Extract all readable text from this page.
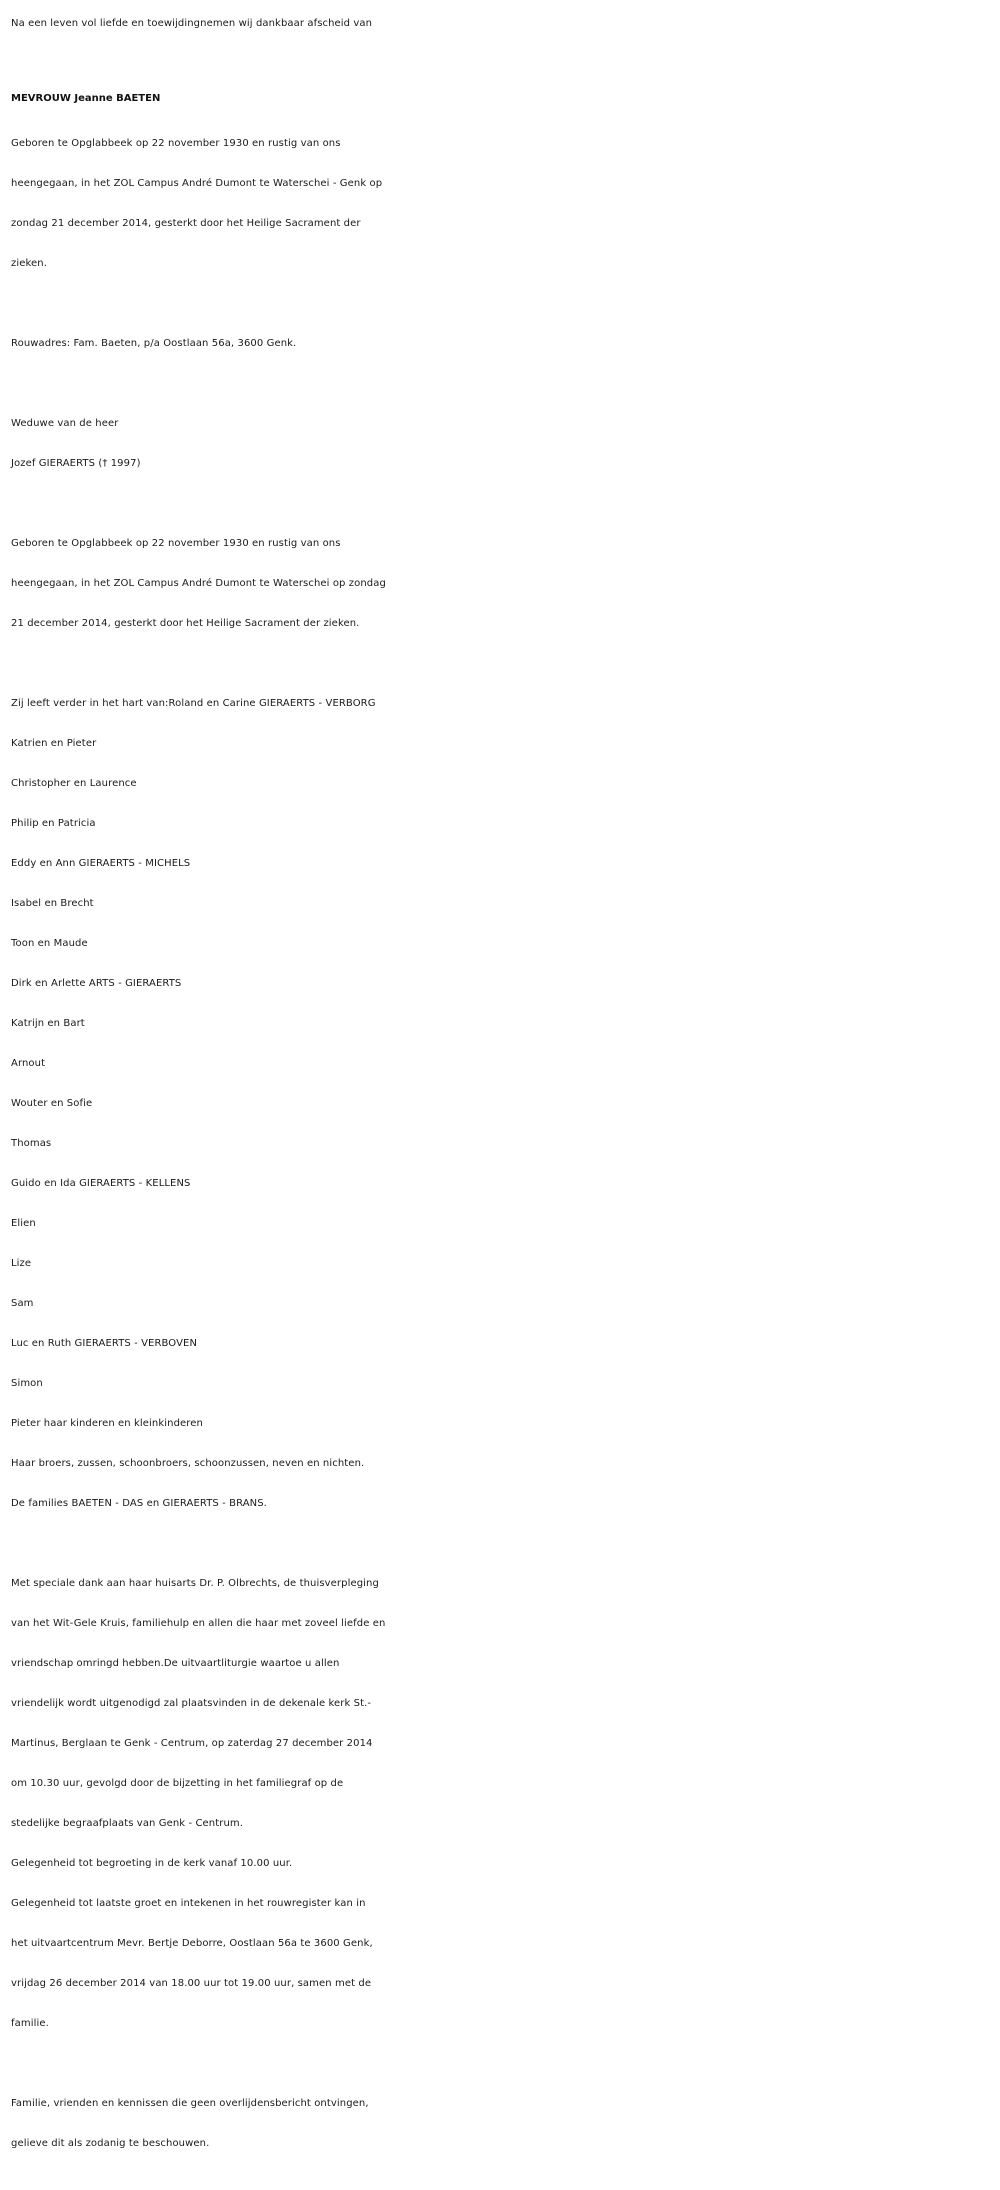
Na een leven vol liefde en toewijdingnemen wij dankbaar afscheid van
MEVROUW Jeanne BAETEN
Geboren te Opglabbeek op 22 november 1930 en rustig van ons
heengegaan, in het ZOL Campus André Dumont te Waterschei - Genk op
zondag 21 december 2014, gesterkt door het Heilige Sacrament der
zieken.
Rouwadres: Fam. Baeten, p/a Oostlaan 56a, 3600 Genk.
Weduwe van de heer
Jozef GIERAERTS († 1997)
Geboren te Opglabbeek op 22 november 1930 en rustig van ons
heengegaan, in het ZOL Campus André Dumont te Waterschei op zondag
21 december 2014, gesterkt door het Heilige Sacrament der zieken.
Zij leeft verder in het hart van:Roland en Carine GIERAERTS - VERBORG
Katrien en Pieter
Christopher en Laurence
Philip en Patricia
Eddy en Ann GIERAERTS - MICHELS
Isabel en Brecht
Toon en Maude
Dirk en Arlette ARTS - GIERAERTS
Katrijn en Bart
Arnout
Wouter en Sofie
Thomas
Guido en Ida GIERAERTS - KELLENS
Elien
Lize
Sam
Luc en Ruth GIERAERTS - VERBOVEN
Simon
Pieter haar kinderen en kleinkinderen
Haar broers, zussen, schoonbroers, schoonzussen, neven en nichten.
De families BAETEN - DAS en GIERAERTS - BRANS.
Met speciale dank aan haar huisarts Dr. P. Olbrechts, de thuisverpleging
van het Wit-Gele Kruis, familiehulp en allen die haar met zoveel liefde en
vriendschap omringd hebben.De uitvaartliturgie waartoe u allen
vriendelijk wordt uitgenodigd zal plaatsvinden in de dekenale kerk St.-
Martinus, Berglaan te Genk - Centrum, op zaterdag 27 december 2014
om 10.30 uur, gevolgd door de bijzetting in het familiegraf op de
stedelijke begraafplaats van Genk - Centrum.
Gelegenheid tot begroeting in de kerk vanaf 10.00 uur.
Gelegenheid tot laatste groet en intekenen in het rouwregister kan in
het uitvaartcentrum Mevr. Bertje Deborre, Oostlaan 56a te 3600 Genk,
vrijdag 26 december 2014 van 18.00 uur tot 19.00 uur, samen met de
familie.
Familie, vrienden en kennissen die geen overlijdensbericht ontvingen,
gelieve dit als zodanig te beschouwen.
